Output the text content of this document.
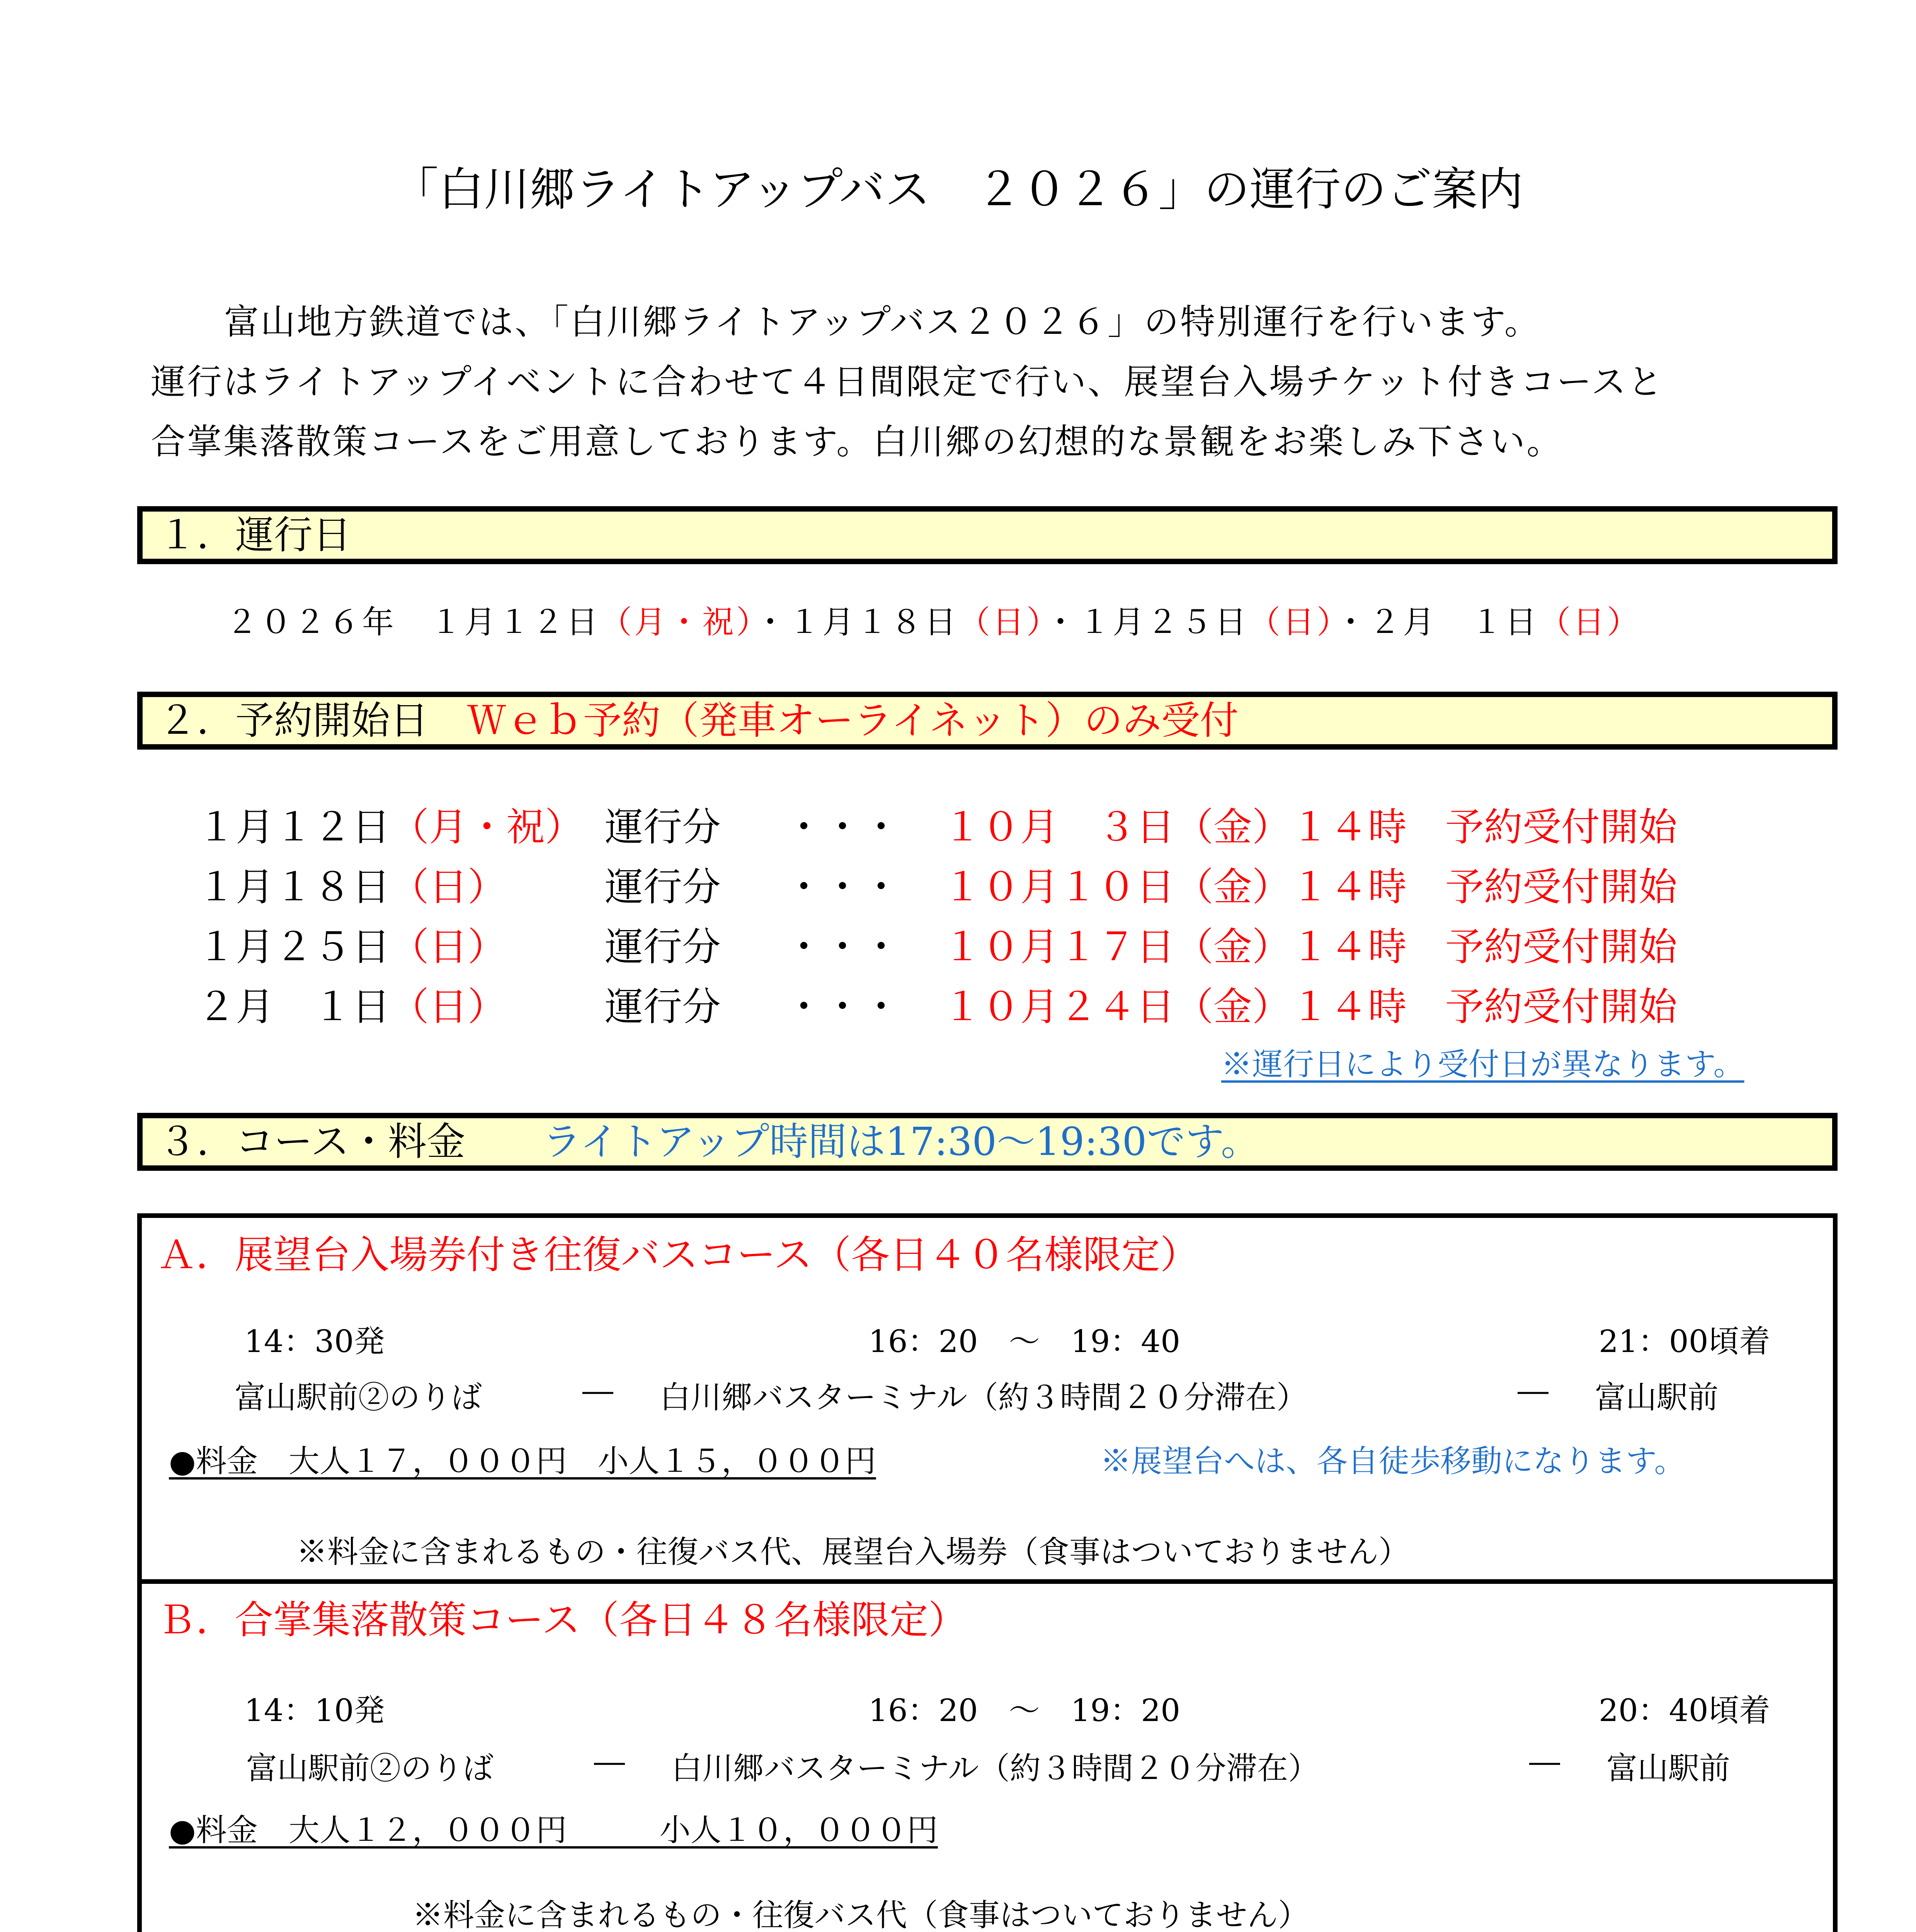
「白川郷ライトアップバス　２０２６」の運行のご案内
富山地方鉄道では、「白川郷ライトアップバス２０２６」の特別運行を行います。
運行はライトアップイベントに合わせて４日間限定で行い、展望台入場チケット付きコースと
合掌集落散策コースをご用意しております。白川郷の幻想的な景観をお楽しみ下さい。
１．運行日
２０２６年　 １月１２日（月・祝）・１月１８日（日）・１月２５日（日）・２月　１日（日）
２．予約開始日　 Ｗｅｂ予約（発車オーライネット）のみ受付
１月１２日（月・祝） 運行分 ・・・ １０月　３日（金）１４時　予約受付開始
１月１８日（日）	運行分 ・・・ １０月１０日（金）１４時　予約受付開始
１月２５日（日）	運行分 ・・・ １０月１７日（金）１４時　予約受付開始
２月　１日（日）	運行分 ・・・ １０月２４日（金）１４時　予約受付開始
※運行日により受付日が異なります。
３．コース・料金　　 ライトアップ時間は17:30～19:30です。
Ａ．展望台入場券付き往復バスコース（各日４０名様限定）
14：30発	16：20　～　19：40	21：00頃着
富山駅前②のりば	― 白川郷バスターミナル（約３時間２０分滞在）	― 富山駅前
●料金　大人１７，０００円　小人１５，０００円	※展望台へは、各自徒歩移動になります。
※料金に含まれるもの・往復バス代、展望台入場券（食事はついておりません）
Ｂ．合掌集落散策コース（各日４８名様限定）
14：10発	16：20　～　19：20	20：40頃着
富山駅前②のりば	― 白川郷バスターミナル（約３時間２０分滞在）	― 富山駅前
●料金　大人１２，０００円　　　小人１０，０００円
※料金に含まれるもの・往復バス代（食事はついておりません）
